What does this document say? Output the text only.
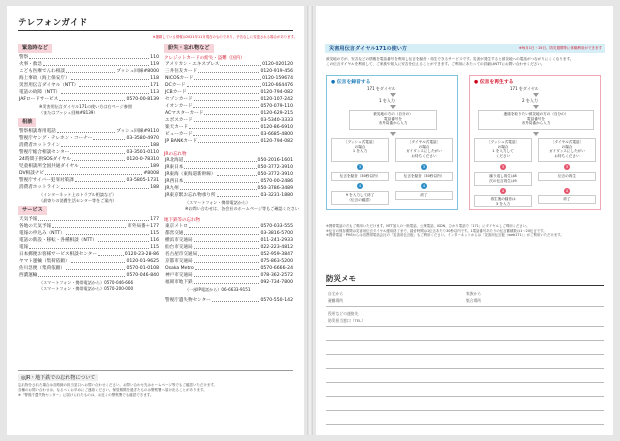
テレフォンガイド
※掲載している情報は2021年11月現在のものであり、予告なしに変更される場合があります。
緊急時など
警察	110
火事・救急	119
こども医療でんわ相談	プッシュ回線#8000
海上事故（海上保安庁）	118
災害用伝言ダイヤル（NTT）	171
電話の故障（NTT）	113
JAFロードサービス	0570-00-8139
※災害用伝言ダイヤル171の使い方は右ページ参照
（またはプッシュ回線#8139）
相談
警察相談専用電話	プッシュ回線#9110
警視庁ヤング・テレホン・コーナー	03-3580-4970
消費者ホットライン	188
警視庁総合相談センター	03-3501-0110
24時間子供SOSダイヤル	0120-0-78310
児童相談所全国共通ダイヤル	189
DV相談ナビ	#8008
警視庁サイバー犯罪対策課	03-5805-1731
消費者ホットライン	188
（インターネット上のトラブル相談など）
（最寄りの消費生活センター等をご案内）
サービス
天気予報	177
各地の天気予報	市外局番＋177
電報の申込み（NTT）	115
電話の新設・移転・各種相談（NTT）	116
電報	115
日本郵便お客様サービス相談センター	0120-23-28-86
ヤマト運輸（集荷依頼）	0120-01-9625
佐川急便（集荷依頼）	0570-01-0108
西濃運輸	0570-046-840
（スマートフォン・携帯電話から）0570-046-666
（スマートフォン・携帯電話から）0570-200-000
紛失・忘れ物など
クレジットカードの紛失・盗難（国内）
アメリカン・エキスプレス	0120-020120
三井住友カード	0120-919-456
NICOSカード	0120-159674
DCカード	0120-664476
JCBカード	0120-794-082
セゾンカード	0120-107-242
イオンカード	0570-079-110
ACマスターカード	0120-629-215
エポスカード	03-5340-3333
楽天カード	0120-86-6910
ビューカード	03-6685-4800
JP BANKカード	0120-794-082
JRの忘れ物
JR北海道	050-2016-1601
JR東日本	050-3772-3910
JR東海（東海道新幹線）	050-3772-3910
JR西日本	0570-00-2486
JR九州	050-3786-3489
JR東京駅お忘れ物承り所	03-3231-1880
（スマートフォン・携帯電話から）
※お問い合わせは、各会社のホームページ等もご確認ください
地下鉄等の忘れ物
東京メトロ	0570-033-555
都営交通	03-3816-5700
横浜市交通局	011-241-2933
仙台市交通局	022-223-4812
名古屋市交通局	052-959-3847
京都市交通局	075-863-5200
Osaka Metro	0570-6666-24
神戸市交通局	078-362-2572
福岡市地下鉄	092-734-7800
（一部IP電話から）06-6633-9151
警視庁遺失物センター	0570-550-142
◎JR・地下鉄での忘れ物について
忘れ物をされた場合は各路線の担当窓口へお問い合わせください。お問い合わせ先はホームページ等でもご確認いただけます。
各種のお問い合わせは、なるべくお早めにご連絡ください。保管期間を過ぎたものは警察署へ届け出ることがあります。
※「警視庁遺失物センター」に届けられたものは、お近くの警察署でも確認できます。
災害用伝言ダイヤル171の使い方	※毎月1日・15日、防災週間等に体験利用ができます
被災地の方が、安否などの情報を電話番号を利用し伝言を録音・再生できるサービスです。災害が発生すると被災地への電話がつながりにくくなります。
この伝言ダイヤルを利用して、ご家族や知人に安否を伝えることができます。ご利用にあたっての詳細はNTTにお問い合わせください。
● 伝言を録音する
171 をダイヤル
1 を入力
被災地の方の（自分の）
電話番号を
市外局番から入力
［プッシュ式電話］
の場合
1 を入力
［ダイヤル式電話］
の場合
ガイダンスにしたがい
お待ちください
3	3
伝言を録音（30秒以内）	伝言を録音（30秒以内）
4	4
9 を入力して終了
（伝言の確認）
終了
● 伝言を再生する
171 をダイヤル
2 を入力
連絡を取りたい被災地の方の（自分の）
電話番号を
市外局番から入力
［プッシュ式電話］
の場合
1 を入力して
ください
［ダイヤル式電話］
の場合
ガイダンスにしたがい
お待ちください
3	3
繰り返し再生は8
次の伝言再生は9
伝言の再生
4	4
再生後の録音は
3 を入力
終了
※携帯電話の方もご利用いただけます。NTT加入の一般電話、公衆電話、ISDN、ひかり電話で「171」にダイヤルしご利用ください。
※伝言の保存期間は災害用伝言ダイヤル運用終了まで、録音時間は1伝言あたり30秒以内です。1電話番号あたりの伝言蓄積数は1〜20伝言です。
※携帯電話・PHSからは各携帯電話会社の「災害用伝言板」もご利用ください。インターネットからは「災害用伝言板（web171）」がご利用いただけます。
防災メモ
自宅から
避難場所
家族から
集合場所
役所などの連絡先
防災担当窓口（TEL）
